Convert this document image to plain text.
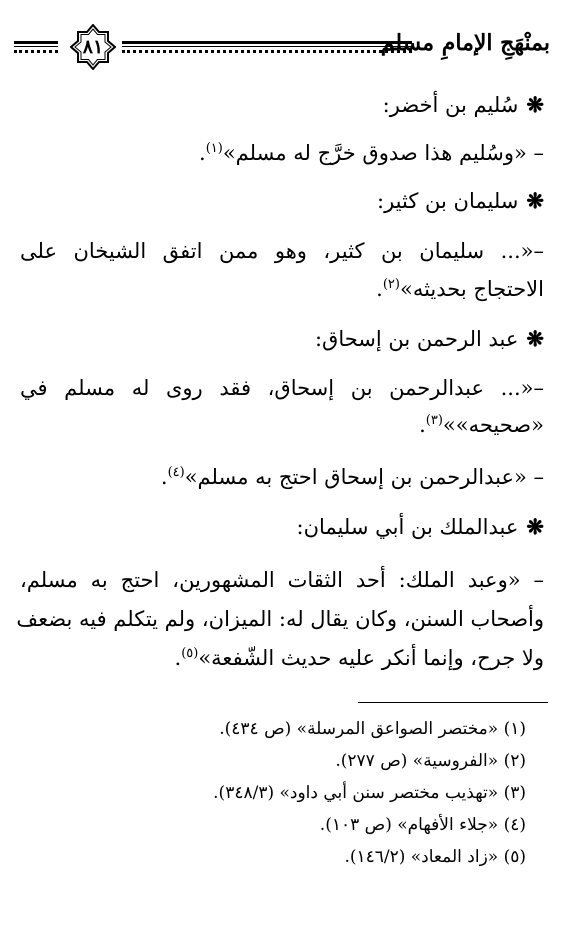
بمنْهَجِ الإمامِ مسلم
٨١
❋سُليم بن أخضر:
– «وسُليم هذا صدوق خرَّج له مسلم»$^{(١)}$.
❋سليمان بن كثير:
–«... سليمان بن كثير، وهو ممن اتفق الشيخان على
الاحتجاج بحديثه»$^{(٢)}$.
❋عبد الرحمن بن إسحاق:
–«... عبدالرحمن بن إسحاق، فقد روى له مسلم في
«صحيحه»»$^{(٣)}$.
– «عبدالرحمن بن إسحاق احتج به مسلم»$^{(٤)}$.
❋عبدالملك بن أبي سليمان:
– «وعبد الملك: أحد الثقات المشهورين، احتج به مسلم،
وأصحاب السنن، وكان يقال له: الميزان، ولم يتكلم فيه بضعف
ولا جرح، وإنما أنكر عليه حديث الشّفعة»$^{(٥)}$.
(١) «مختصر الصواعق المرسلة» (ص ٤٣٤).
(٢) «الفروسية» (ص ٢٧٧).
(٣) «تهذيب مختصر سنن أبي داود» (٣٤٨/٣).
(٤) «جلاء الأفهام» (ص ١٠٣).
(٥) «زاد المعاد» (١٤٦/٢).
